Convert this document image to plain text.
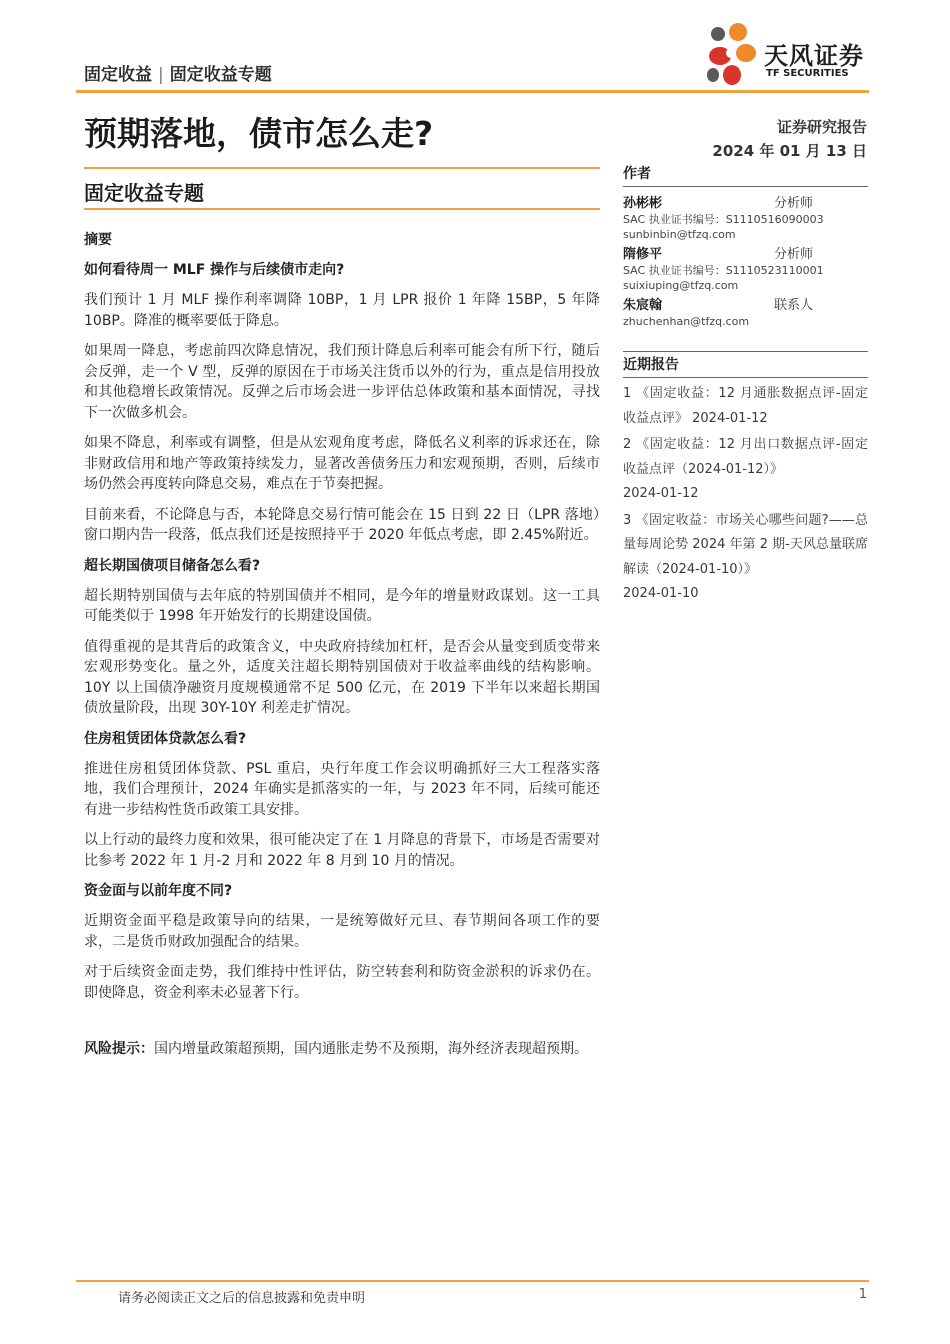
固定收益 | 固定收益专题
天风证券
TF SECURITIES
预期落地，债市怎么走?	证券研究报告
2024 年 01 月 13 日
固定收益专题
摘要
如何看待周一 MLF 操作与后续债市走向?

我们预计 1 月 MLF 操作利率调降 10BP，1 月 LPR 报价 1 年降 15BP，5 年降 10BP。降准的概率要低于降息。

如果周一降息，考虑前四次降息情况，我们预计降息后利率可能会有所下行，随后会反弹，走一个 V 型，反弹的原因在于市场关注货币以外的行为，重点是信用投放和其他稳增长政策情况。反弹之后市场会进一步评估总体政策和基本面情况，寻找下一次做多机会。

如果不降息，利率或有调整，但是从宏观角度考虑，降低名义利率的诉求还在，除非财政信用和地产等政策持续发力，显著改善债务压力和宏观预期，否则，后续市场仍然会再度转向降息交易，难点在于节奏把握。

目前来看，不论降息与否，本轮降息交易行情可能会在 15 日到 22 日（LPR 落地）窗口期内告一段落，低点我们还是按照持平于 2020 年低点考虑，即 2.45%附近。

超长期国债项目储备怎么看?

超长期特别国债与去年底的特别国债并不相同，是今年的增量财政谋划。这一工具可能类似于 1998 年开始发行的长期建设国债。

值得重视的是其背后的政策含义，中央政府持续加杠杆，是否会从量变到质变带来宏观形势变化。量之外，适度关注超长期特别国债对于收益率曲线的结构影响。10Y 以上国债净融资月度规模通常不足 500 亿元，在 2019 下半年以来超长期国债放量阶段，出现 30Y-10Y 利差走扩情况。

住房租赁团体贷款怎么看?

推进住房租赁团体贷款、PSL 重启，央行年度工作会议明确抓好三大工程落实落地，我们合理预计，2024 年确实是抓落实的一年，与 2023 年不同，后续可能还有进一步结构性货币政策工具安排。

以上行动的最终力度和效果，很可能决定了在 1 月降息的背景下，市场是否需要对比参考 2022 年 1 月-2 月和 2022 年 8 月到 10 月的情况。

资金面与以前年度不同?

近期资金面平稳是政策导向的结果，一是统筹做好元旦、春节期间各项工作的要求，二是货币财政加强配合的结果。

对于后续资金面走势，我们维持中性评估，防空转套利和防资金淤积的诉求仍在。即使降息，资金利率未必显著下行。

风险提示：国内增量政策超预期，国内通胀走势不及预期，海外经济表现超预期。

作者
孙彬彬	分析师
SAC 执业证书编号：S1110516090003
sunbinbin@tfzq.com
隋修平	分析师
SAC 执业证书编号：S1110523110001
suixiuping@tfzq.com
朱宸翰	联系人
zhuchenhan@tfzq.com
近期报告
1 《固定收益：12 月通胀数据点评-固定收益点评》 2024-01-12
2 《固定收益：12 月出口数据点评-固定收益点评（2024-01-12）》
2024-01-12
3 《固定收益：市场关心哪些问题?——总量每周论势 2024 年第 2 期-天风总量联席解读（2024-01-10）》
2024-01-10
请务必阅读正文之后的信息披露和免责申明	1
